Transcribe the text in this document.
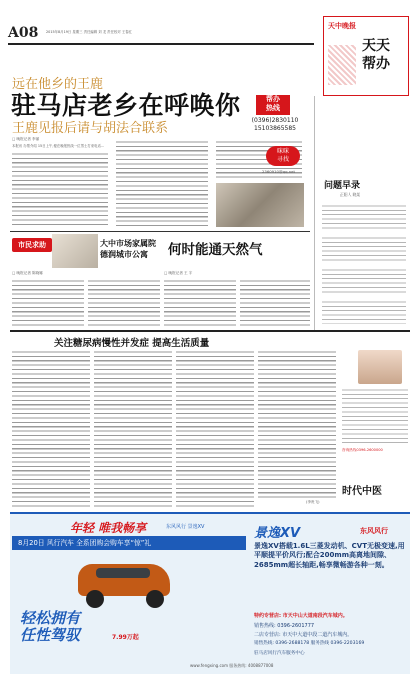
A08 2015年8月19日 星期三 责任编辑 刘 龙 责任校对 王春红
天中晚报
天天
帮办
远在他乡的王鹿
驻马店老乡在呼唤你
王鹿见报后请与胡法合联系
□ 晚报记者 李丽
本报讯 办帮介绍 15日上午,便在晚报热线一位男士打来电话...
帮办
热线
(0396)2830110
15103865585
咪咪
寻找
2360910@qq.net
问题早录
正阳人 晓某
市民求助	大中市场家属院
德润城市公寓 何时能通天然气
□ 晚报记者 陈晓娜	□ 晚报记者 王 宇
关注糖尿病慢性并发症 提高生活质量
(李贵飞)
咨询热线0396-2600000
时代中医
年轻 唯我畅享	东风风行 景逸XV
8月20日 风行汽车 全系团购会购车享“惊”礼
轻松拥有
任性驾驭	7.99万起
景逸XV	东风风行
景逸XV搭载1.6L三菱发动机、CVT无极变速,用平顺提平价风行;配合200mm高离地间隙、2685mm超长轴距,畅享微畅游各种一刻。
特约专营店: 市天中山大道南段汽车城内。
销售热线: 0396-2601777
二店专营店: 市天中大道中段二道汽车城内。
销售热线: 0396-2688178 服务热线 0396-2203169
驻马店风行汽车服务中心
www.fengxing.com 服务热线: 4008877008
